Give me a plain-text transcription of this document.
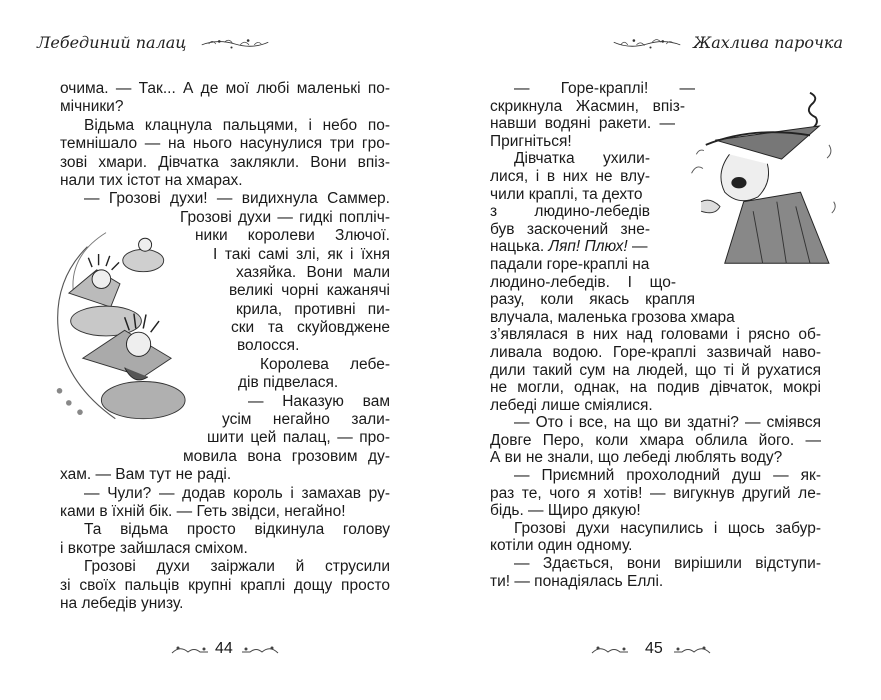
Лебединий палац
очима. — Так... А де мої любі маленькі по-
мічники?
Відьма клацнула пальцями, і небо по-
темнішало — на нього насунулися три гро-
зові хмари. Дівчатка заклякли. Вони впіз-
нали тих істот на хмарах.
— Грозові духи! — видихнула Саммер.
Грозові духи — гидкі попліч-
ники королеви Злючої.
І такі самі злі, як і їхня
хазяйка. Вони мали
великі чорні кажанячі
крила, противні пи-
ски та скуйовджене
волосся.
Королева лебе-
дів підвелася.
— Наказую вам
усім негайно зали-
шити цей палац, — про-
мовила вона грозовим ду-
хам. — Вам тут не раді.
— Чули? — додав король і замахав ру-
ками в їхній бік. — Геть звідси, негайно!
Та відьма просто відкинула голову
і вкотре зайшлася сміхом.
Грозові духи заіржали й струсили
зі своїх пальців крупні краплі дощу просто
на лебедів унизу.
44
Жахлива парочка
— Горе-краплі! —
скрикнула Жасмин, впіз-
навши водяні ракети. —
Пригніться!
Дівчатка ухили-
лися, і в них не влу-
чили краплі, та дехто
з людино-лебедів
був заскочений зне-
нацька. Ляп! Плюх! —
падали горе-краплі на
людино-лебедів. І що-
разу, коли якась крапля
влучала, маленька грозова хмара
з’являлася в них над головами і рясно об-
ливала водою. Горе-краплі зазвичай наво-
дили такий сум на людей, що ті й рухатися
не могли, однак, на подив дівчаток, мокрі
лебеді лише сміялися.
— Ото і все, на що ви здатні? — сміявся
Довге Перо, коли хмара облила його. —
А ви не знали, що лебеді люблять воду?
— Приємний прохолодний душ — як-
раз те, чого я хотів! — вигукнув другий ле-
бідь. — Щиро дякую!
Грозові духи насупились і щось забур-
котіли один одному.
— Здається, вони вирішили відступи-
ти! — понадіялась Еллі.
45
